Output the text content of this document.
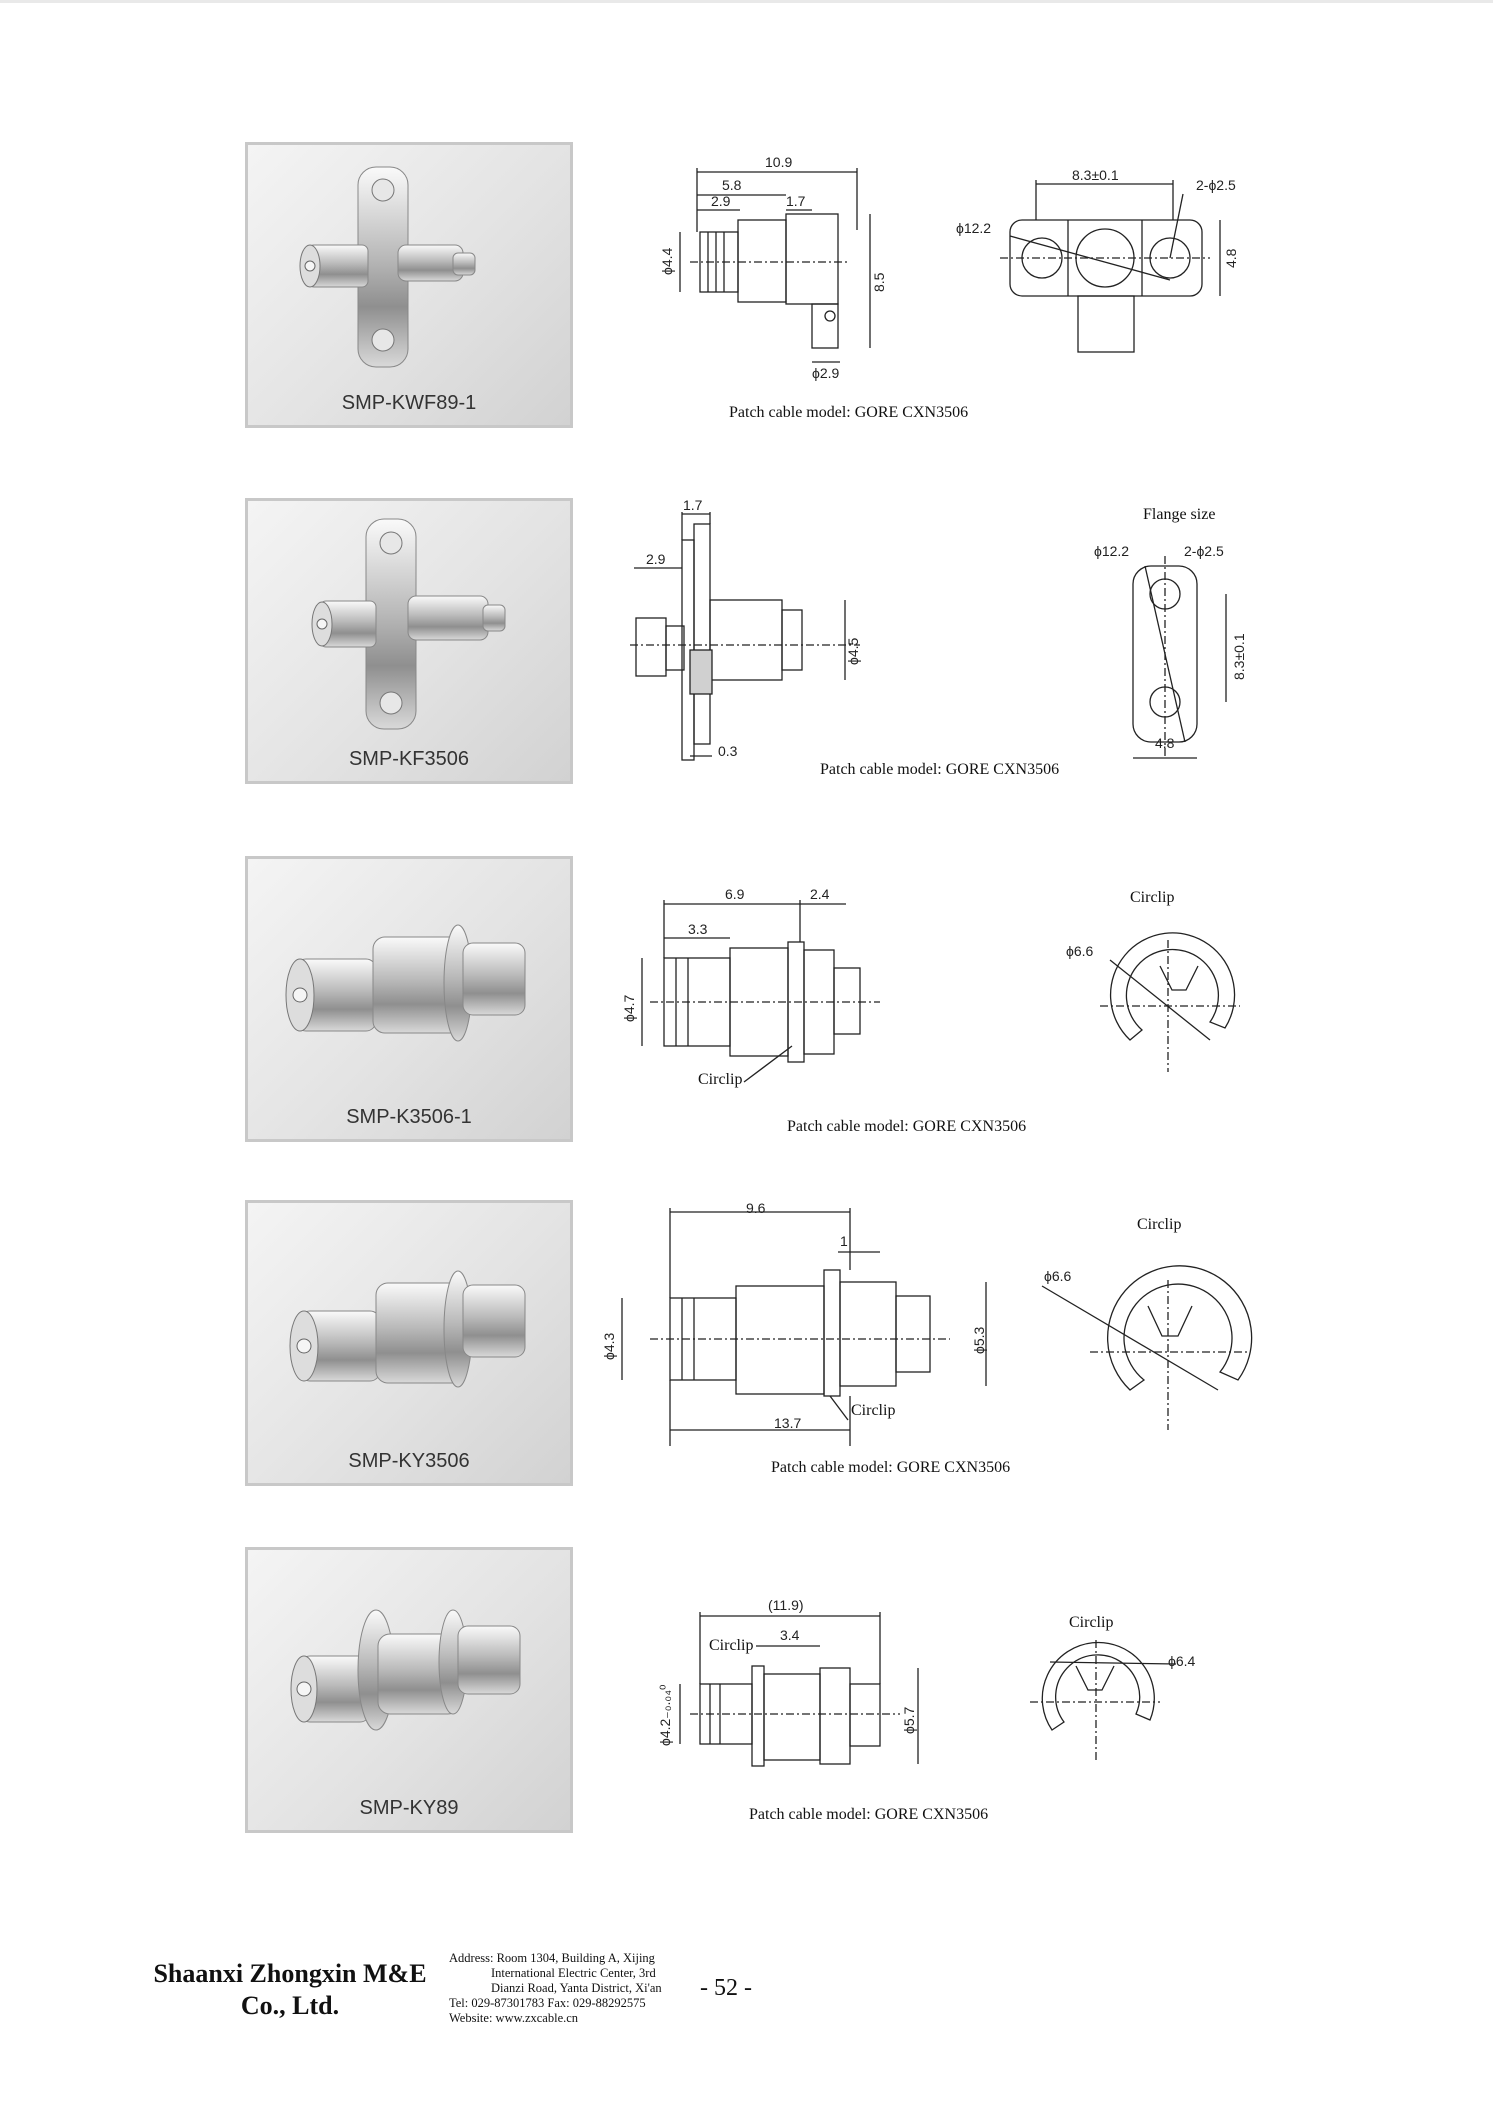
SMP-KWF89-1
10.9
5.8
2.9	1.7
ϕ4.4
8.5
ϕ2.9
8.3±0.1
2-ϕ2.5
ϕ12.2
4.8
1.7
2.9
ϕ4.5
0.3
Flange size
ϕ12.2	2-ϕ2.5
8.3±0.1
4.8
6.9	2.4
3.3
ϕ4.7
Circlip
Circlip
ϕ6.6
9.6
1
ϕ4.3	ϕ5.3
13.7
Circlip
Circlip
ϕ6.6
(11.9)
3.4
Circlip
ϕ4.2₋₀.₀₄⁰	ϕ5.7
Circlip
ϕ6.4
Patch cable model: GORE CXN3506
SMP-KF3506	Patch cable model: GORE CXN3506
SMP-K3506-1	Patch cable model: GORE CXN3506
SMP-KY3506	Patch cable model: GORE CXN3506
SMP-KY89	Patch cable model: GORE CXN3506
Shaanxi Zhongxin M&E
Co., Ltd.
Address: Room 1304, Building A, Xijing
International Electric Center, 3rd
Dianzi Road, Yanta District, Xi'an
Tel: 029-87301783 Fax: 029-88292575
Website: www.zxcable.cn
- 52 -
